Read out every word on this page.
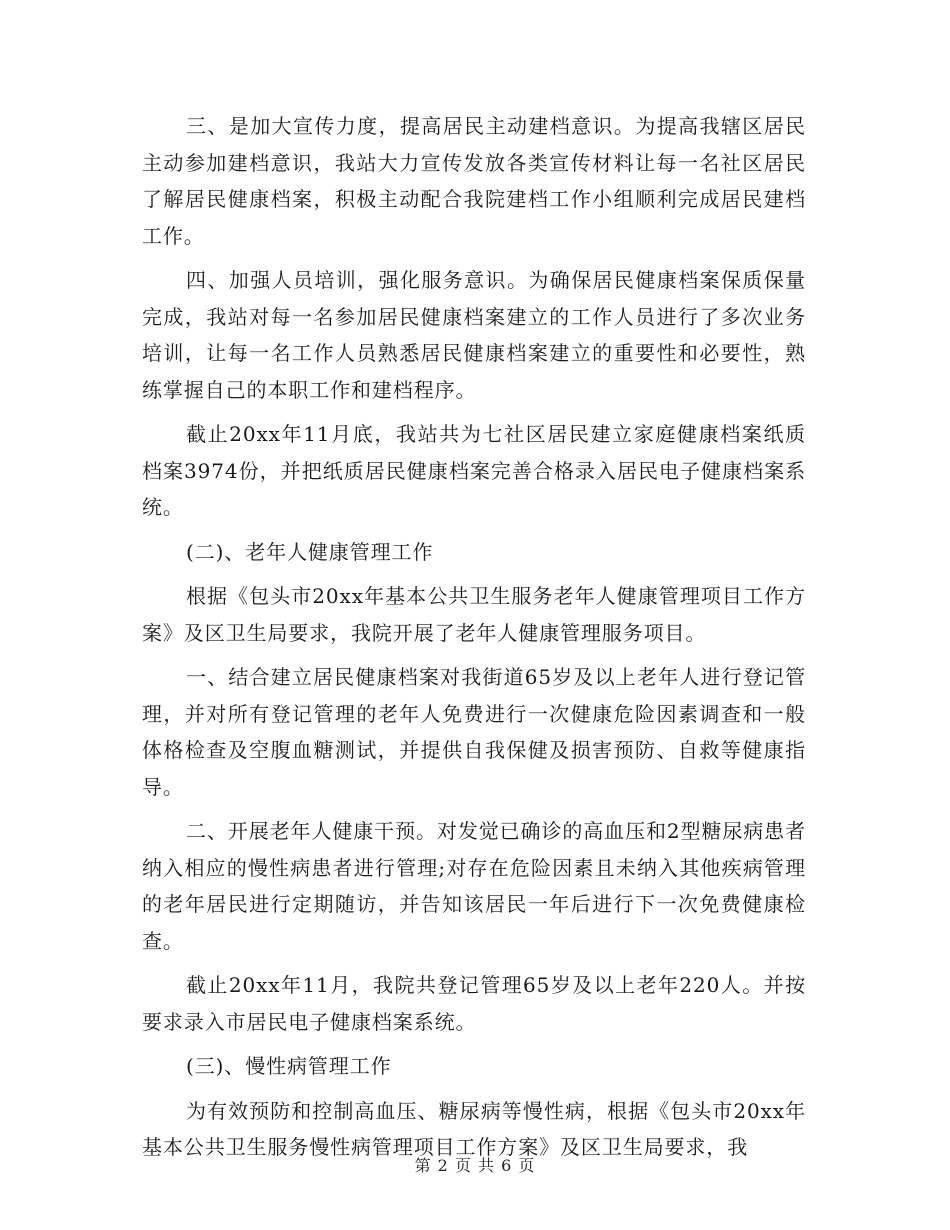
三、是加大宣传力度，提高居民主动建档意识。为提高我辖区居民主动参加建档意识，我站大力宣传发放各类宣传材料让每一名社区居民了解居民健康档案，积极主动配合我院建档工作小组顺利完成居民建档工作。

四、加强人员培训，强化服务意识。为确保居民健康档案保质保量完成，我站对每一名参加居民健康档案建立的工作人员进行了多次业务培训，让每一名工作人员熟悉居民健康档案建立的重要性和必要性，熟练掌握自己的本职工作和建档程序。

截止20xx年11月底，我站共为七社区居民建立家庭健康档案纸质档案3974份，并把纸质居民健康档案完善合格录入居民电子健康档案系统。

(二)、老年人健康管理工作

根据《包头市20xx年基本公共卫生服务老年人健康管理项目工作方案》及区卫生局要求，我院开展了老年人健康管理服务项目。

一、结合建立居民健康档案对我街道65岁及以上老年人进行登记管理，并对所有登记管理的老年人免费进行一次健康危险因素调查和一般体格检查及空腹血糖测试，并提供自我保健及损害预防、自救等健康指导。

二、开展老年人健康干预。对发觉已确诊的高血压和2型糖尿病患者纳入相应的慢性病患者进行管理;对存在危险因素且未纳入其他疾病管理的老年居民进行定期随访，并告知该居民一年后进行下一次免费健康检查。

截止20xx年11月，我院共登记管理65岁及以上老年220人。并按要求录入市居民电子健康档案系统。

(三)、慢性病管理工作

为有效预防和控制高血压、糖尿病等慢性病，根据《包头市20xx年基本公共卫生服务慢性病管理项目工作方案》及区卫生局要求，我

第 2 页 共 6 页
